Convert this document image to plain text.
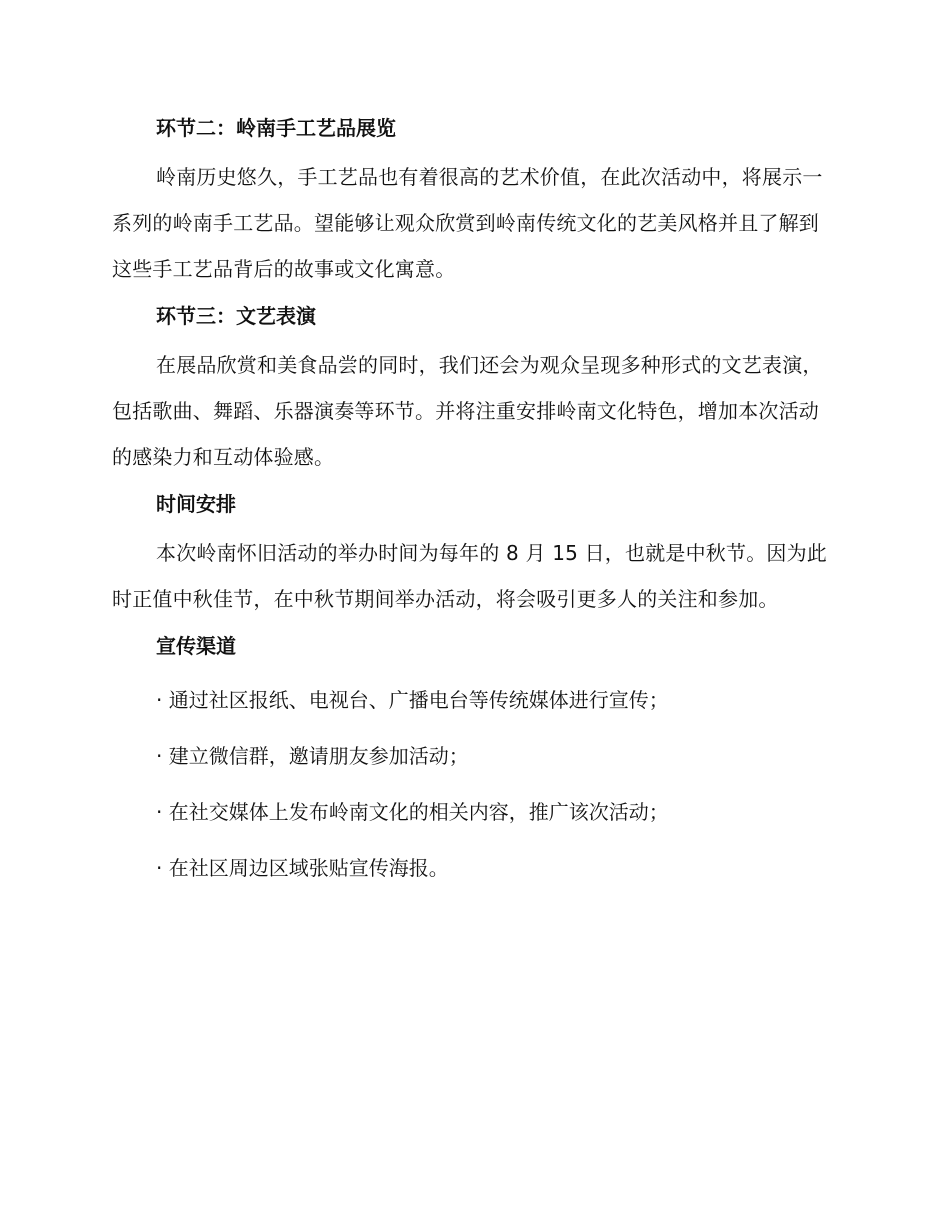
环节二：岭南手工艺品展览

岭南历史悠久，手工艺品也有着很高的艺术价值，在此次活动中，将展示一系列的岭南手工艺品。望能够让观众欣赏到岭南传统文化的艺美风格并且了解到这些手工艺品背后的故事或文化寓意。

环节三：文艺表演

在展品欣赏和美食品尝的同时，我们还会为观众呈现多种形式的文艺表演，包括歌曲、舞蹈、乐器演奏等环节。并将注重安排岭南文化特色，增加本次活动的感染力和互动体验感。

时间安排

本次岭南怀旧活动的举办时间为每年的 8 月 15 日，也就是中秋节。因为此时正值中秋佳节，在中秋节期间举办活动，将会吸引更多人的关注和参加。

宣传渠道
· 通过社区报纸、电视台、广播电台等传统媒体进行宣传；
· 建立微信群，邀请朋友参加活动；
· 在社交媒体上发布岭南文化的相关内容，推广该次活动；
· 在社区周边区域张贴宣传海报。
